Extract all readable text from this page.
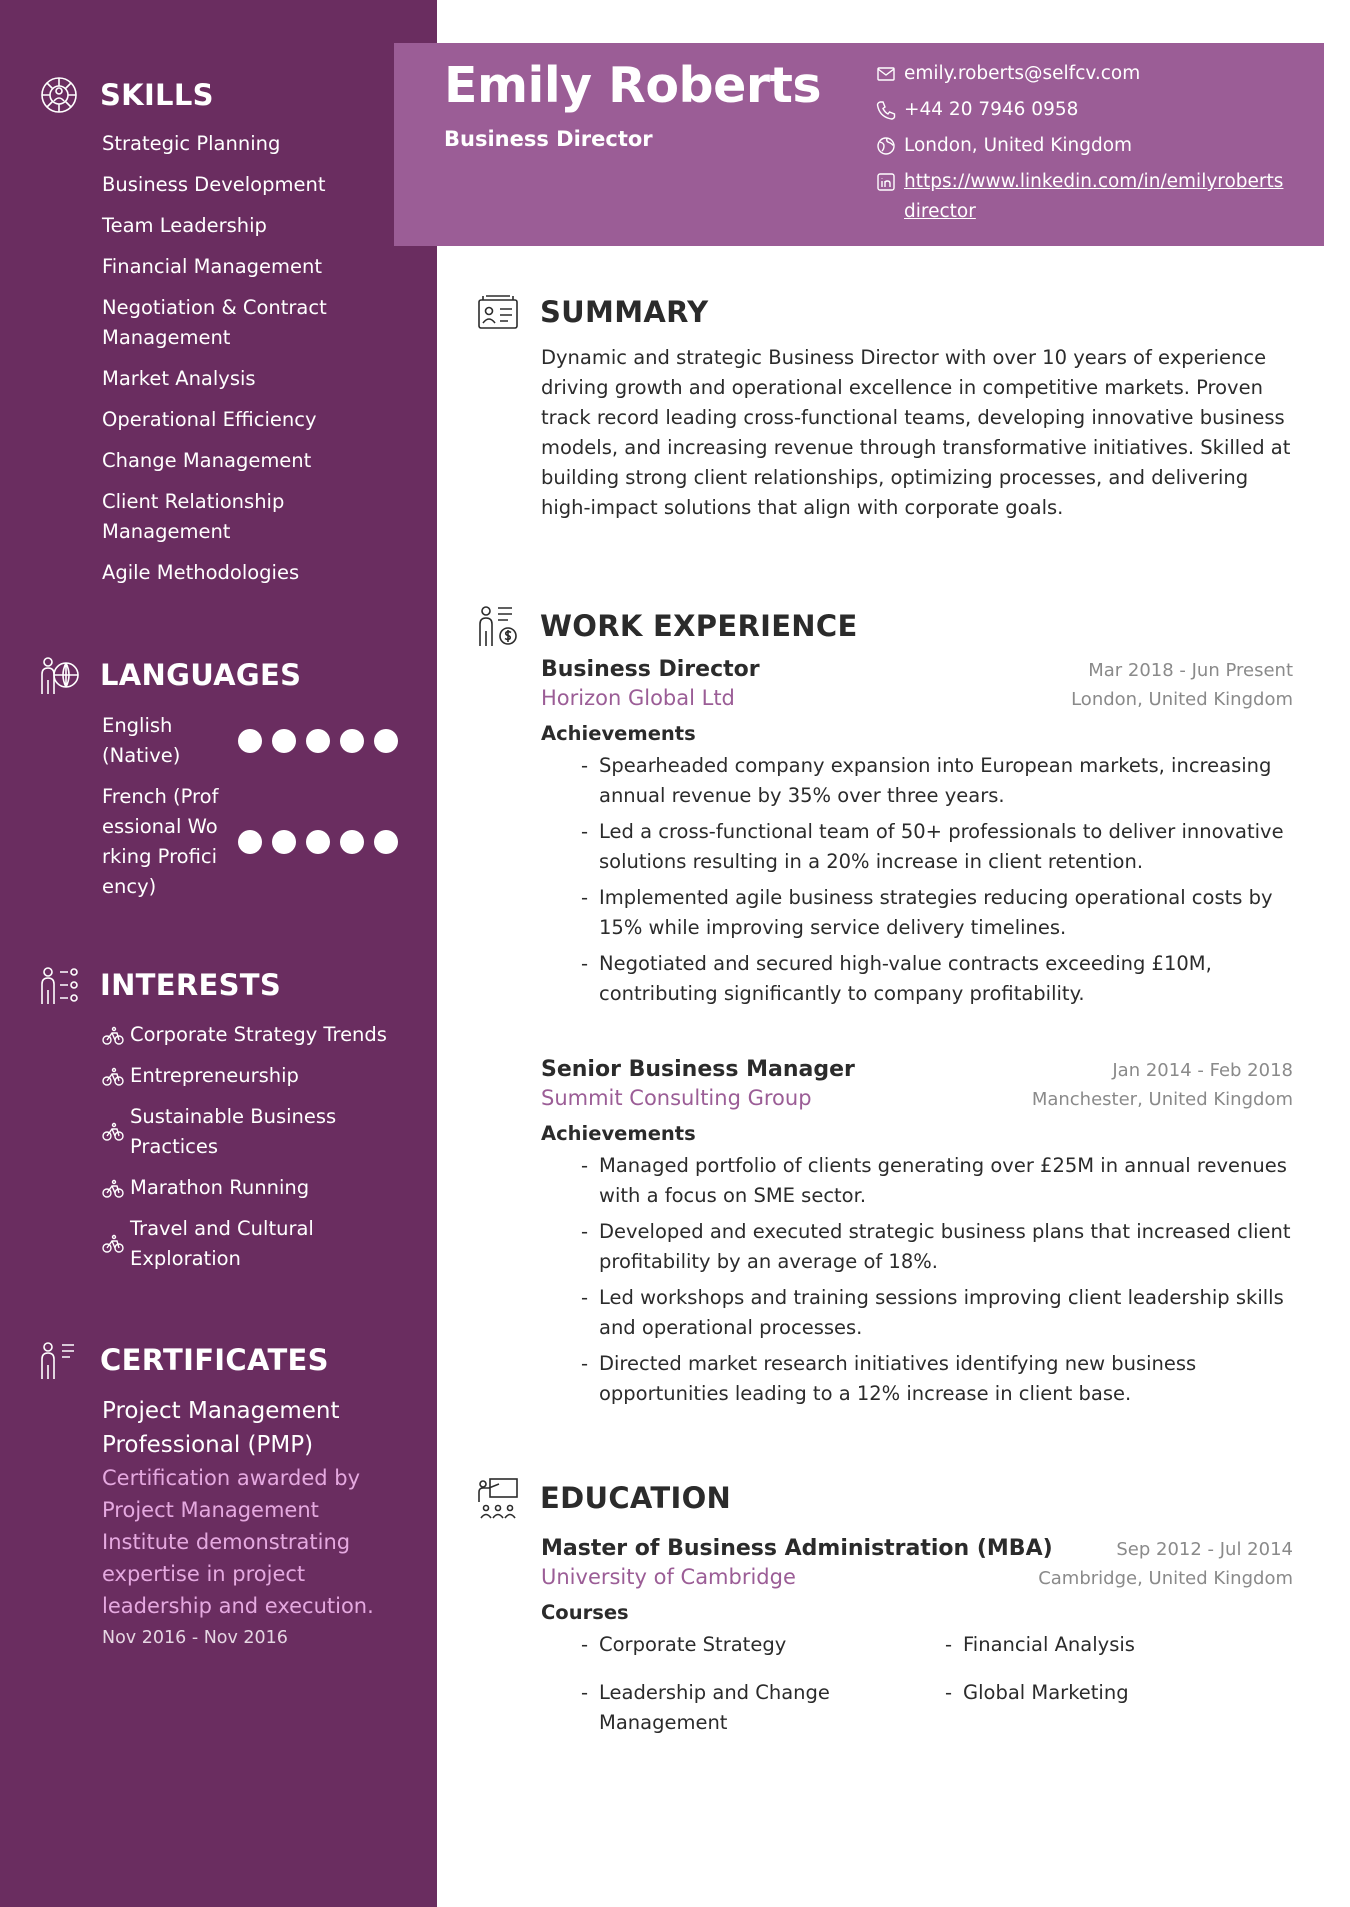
SKILLS
Strategic Planning
Business Development
Team Leadership
Financial Management
Negotiation & Contract Management
Market Analysis
Operational Efficiency
Change Management
Client Relationship Management
Agile Methodologies
LANGUAGES
English (Native)
French (Professional Working Proficiency)
INTERESTS
Corporate Strategy Trends
Entrepreneurship
Sustainable Business Practices
Marathon Running
Travel and Cultural Exploration
CERTIFICATES
Project Management Professional (PMP)
Certification awarded by Project Management Institute demonstrating expertise in project leadership and execution.
Nov 2016 - Nov 2016
Emily Roberts
Business Director
emily.roberts@selfcv.com
+44 20 7946 0958
London, United Kingdom
https://www.linkedin.com/in/emilyrobertsdirector
SUMMARY

Dynamic and strategic Business Director with over 10 years of experience driving growth and operational excellence in competitive markets. Proven track record leading cross-functional teams, developing innovative business models, and increasing revenue through transformative initiatives. Skilled at building strong client relationships, optimizing processes, and delivering high-impact solutions that align with corporate goals.

WORK EXPERIENCE
Business Director	Mar 2018 - Jun Present
Horizon Global Ltd	London, United Kingdom
Achievements
- Spearheaded company expansion into European markets, increasing annual revenue by 35% over three years.
- Led a cross-functional team of 50+ professionals to deliver innovative solutions resulting in a 20% increase in client retention.
- Implemented agile business strategies reducing operational costs by 15% while improving service delivery timelines.
- Negotiated and secured high-value contracts exceeding £10M, contributing significantly to company profitability.
Senior Business Manager	Jan 2014 - Feb 2018
Summit Consulting Group	Manchester, United Kingdom
Achievements
- Managed portfolio of clients generating over £25M in annual revenues with a focus on SME sector.
- Developed and executed strategic business plans that increased client profitability by an average of 18%.
- Led workshops and training sessions improving client leadership skills and operational processes.
- Directed market research initiatives identifying new business opportunities leading to a 12% increase in client base.
EDUCATION
Master of Business Administration (MBA)	Sep 2012 - Jul 2014
University of Cambridge	Cambridge, United Kingdom
Courses
- Corporate Strategy
-	Financial Analysis
- Leadership and Change Management
- Global Marketing
